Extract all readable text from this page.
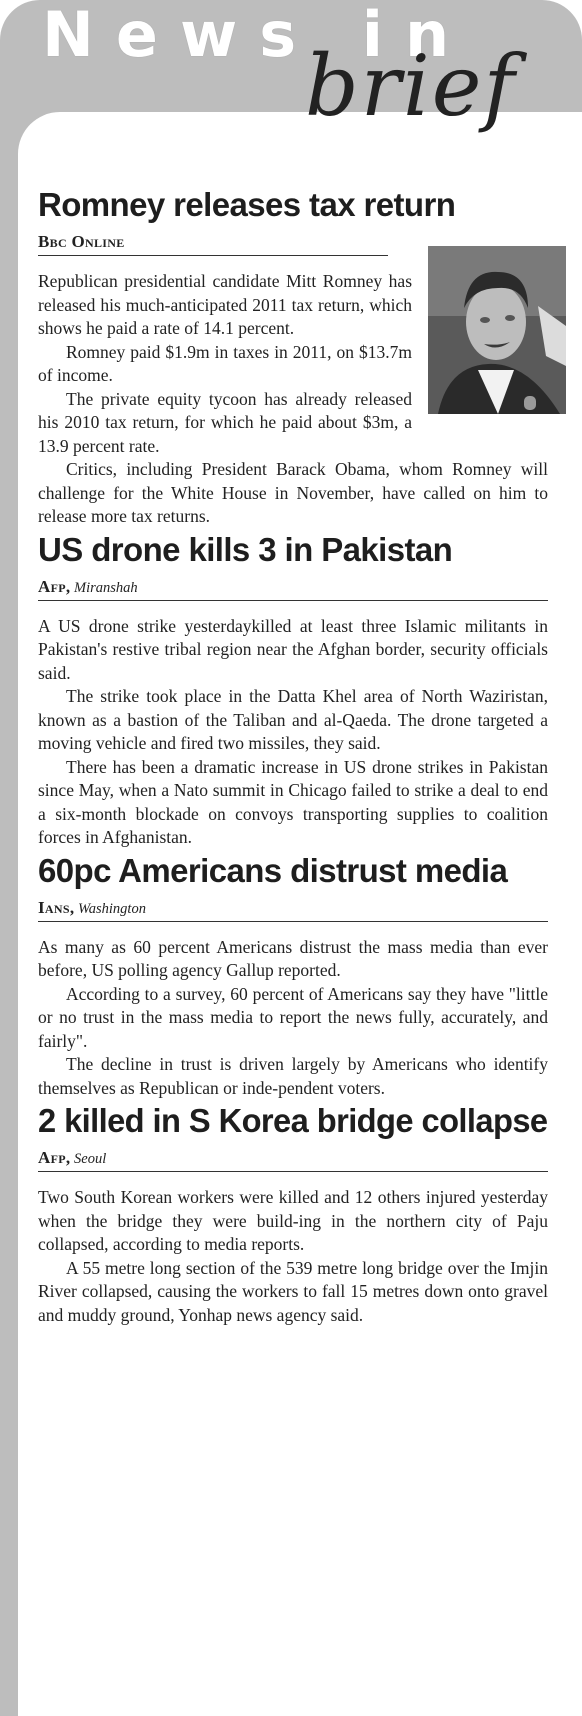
News in
brief
Romney releases tax return
Bbc Online

Republican presidential candidate Mitt Romney has released his much-anticipated 2011 tax return, which shows he paid a rate of 14.1 percent.

Romney paid $1.9m in taxes in 2011, on $13.7m of income.

The private equity tycoon has already released his 2010 tax return, for which he paid about $3m, a 13.9 percent rate.

Critics, including President Barack Obama, whom Romney will challenge for the White House in November, have called on him to release more tax returns.

US drone kills 3 in Pakistan
Afp, Miranshah

A US drone strike yesterdaykilled at least three Islamic militants in Pakistan's restive tribal region near the Afghan border, security officials said.

The strike took place in the Datta Khel area of North Waziristan, known as a bastion of the Taliban and al-Qaeda. The drone targeted a moving vehicle and fired two missiles, they said.

There has been a dramatic increase in US drone strikes in Pakistan since May, when a Nato summit in Chicago failed to strike a deal to end a six-month blockade on convoys transporting supplies to coalition forces in Afghanistan.

60pc Americans distrust media
Ians, Washington

As many as 60 percent Americans distrust the mass media than ever before, US polling agency Gallup reported.

According to a survey, 60 percent of Americans say they have "little or no trust in the mass media to report the news fully, accurately, and fairly".

The decline in trust is driven largely by Americans who identify themselves as Republican or inde-pendent voters.

2 killed in S Korea bridge collapse
Afp, Seoul

Two South Korean workers were killed and 12 others injured yesterday when the bridge they were build-ing in the northern city of Paju collapsed, according to media reports.

A 55 metre long section of the 539 metre long bridge over the Imjin River collapsed, causing the workers to fall 15 metres down onto gravel and muddy ground, Yonhap news agency said.
